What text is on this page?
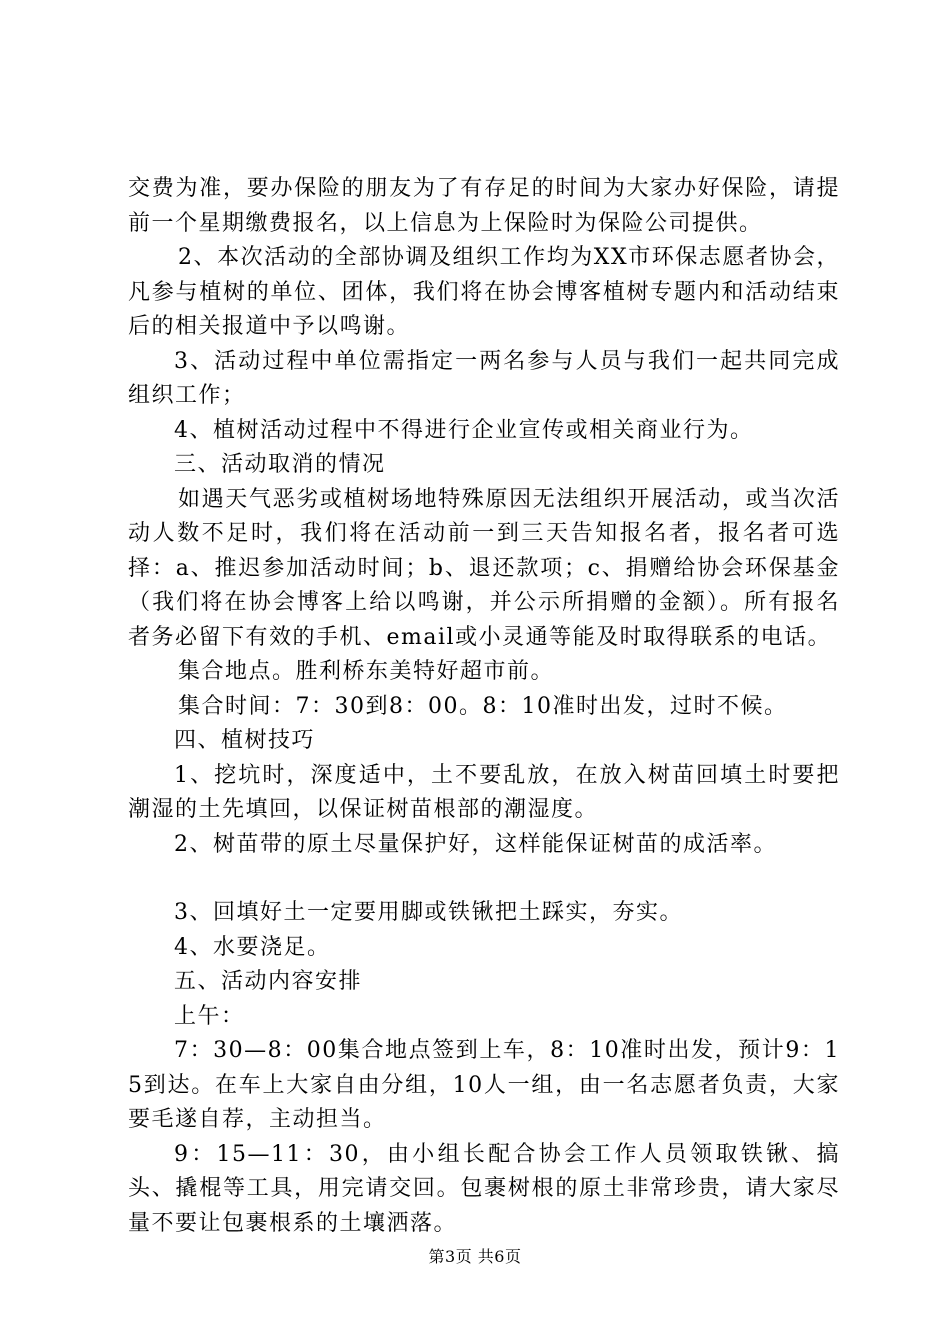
交费为准，要办保险的朋友为了有存足的时间为大家办好保险，请提前一个星期缴费报名，以上信息为上保险时为保险公司提供。

2、本次活动的全部协调及组织工作均为XX市环保志愿者协会，凡参与植树的单位、团体，我们将在协会博客植树专题内和活动结束后的相关报道中予以鸣谢。

3、活动过程中单位需指定一两名参与人员与我们一起共同完成组织工作；

4、植树活动过程中不得进行企业宣传或相关商业行为。

三、活动取消的情况

如遇天气恶劣或植树场地特殊原因无法组织开展活动，或当次活动人数不足时，我们将在活动前一到三天告知报名者，报名者可选择：a、推迟参加活动时间；b、退还款项；c、捐赠给协会环保基金（我们将在协会博客上给以鸣谢，并公示所捐赠的金额）。所有报名者务必留下有效的手机、email或小灵通等能及时取得联系的电话。

集合地点。胜利桥东美特好超市前。

集合时间：7：30到8：00。8：10准时出发，过时不候。

四、植树技巧

1、挖坑时，深度适中，土不要乱放，在放入树苗回填土时要把潮湿的土先填回，以保证树苗根部的潮湿度。

2、树苗带的原土尽量保护好，这样能保证树苗的成活率。

3、回填好土一定要用脚或铁锹把土踩实，夯实。

4、水要浇足。

五、活动内容安排

上午：

7：30—8：00集合地点签到上车，8：10准时出发，预计9：15到达。在车上大家自由分组，10人一组，由一名志愿者负责，大家要毛遂自荐，主动担当。

9：15—11：30，由小组长配合协会工作人员领取铁锹、搞头、撬棍等工具，用完请交回。包裹树根的原土非常珍贵，请大家尽量不要让包裹根系的土壤洒落。

第3页 共6页
